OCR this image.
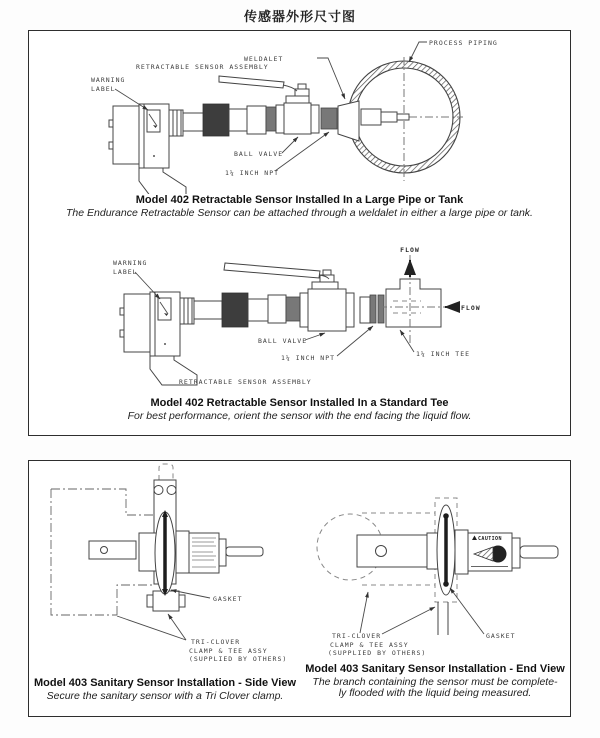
传感器外形尺寸图
WARNING
LABEL
RETRACTABLE SENSOR ASSEMBLY
WELDALET
PROCESS PIPING
BALL VALVE
1¼ INCH NPT
Model 402 Retractable Sensor Installed In a Large Pipe or Tank
The Endurance Retractable Sensor can be attached through a weldalet in either a large pipe or tank.
FLOW
FLOW
WARNING
LABEL
BALL VALVE
1¼ INCH NPT	1¼ INCH TEE
RETRACTABLE SENSOR ASSEMBLY
Model 402 Retractable Sensor Installed In a Standard Tee
For best performance, orient the sensor with the end facing the liquid flow.
GASKET
TRI-CLOVER
CLAMP & TEE ASSY
(SUPPLIED BY OTHERS)
Model 403 Sanitary Sensor Installation - Side View
Secure the sanitary sensor with a Tri Clover clamp.
CAUTION
TRI-CLOVER
CLAMP & TEE ASSY
(SUPPLIED BY OTHERS)
GASKET
Model 403 Sanitary Sensor Installation - End View
The branch containing the sensor must be complete-
ly flooded with the liquid being measured.
